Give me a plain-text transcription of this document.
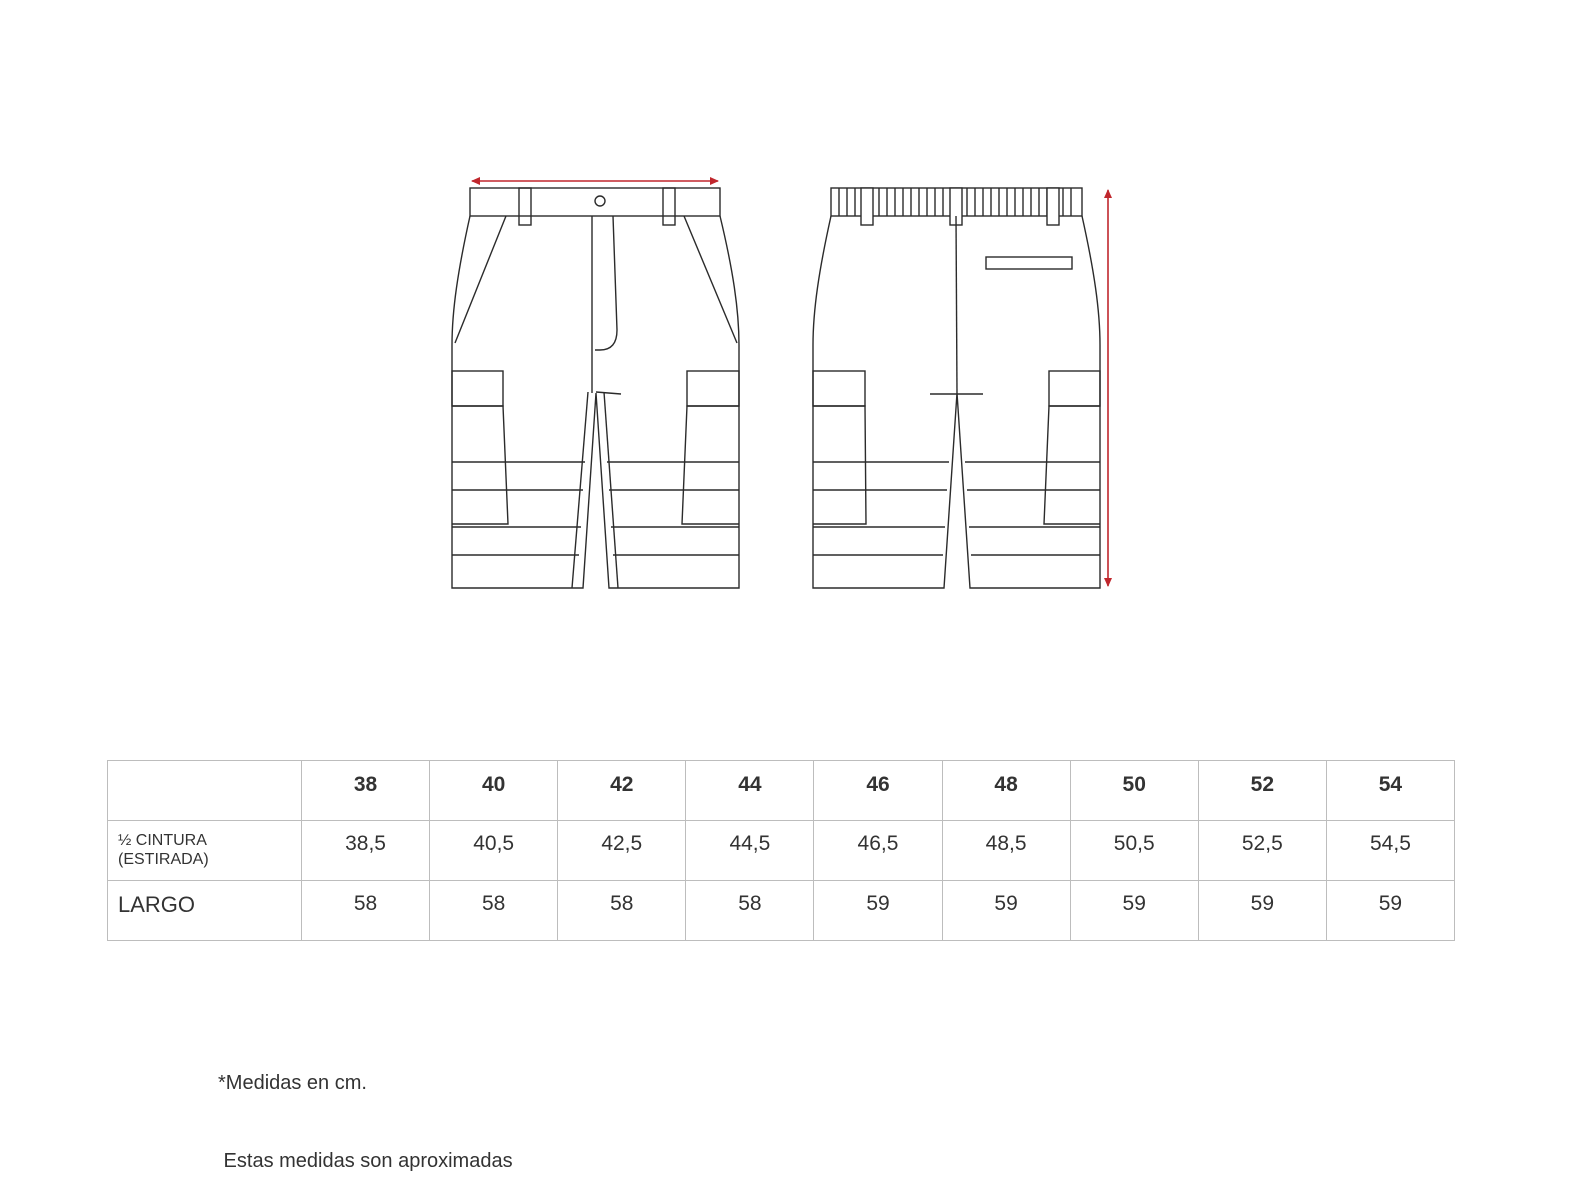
	38	40	42	44	46	48	50	52	54

½ CINTURA
(ESTIRADA)	38,5	40,5	42,5	44,5	46,5	48,5	50,5	52,5	54,5

LARGO	58	58	58	58	59	59	59	59	59

*Medidas en cm.

Estas medidas son aproximadas
